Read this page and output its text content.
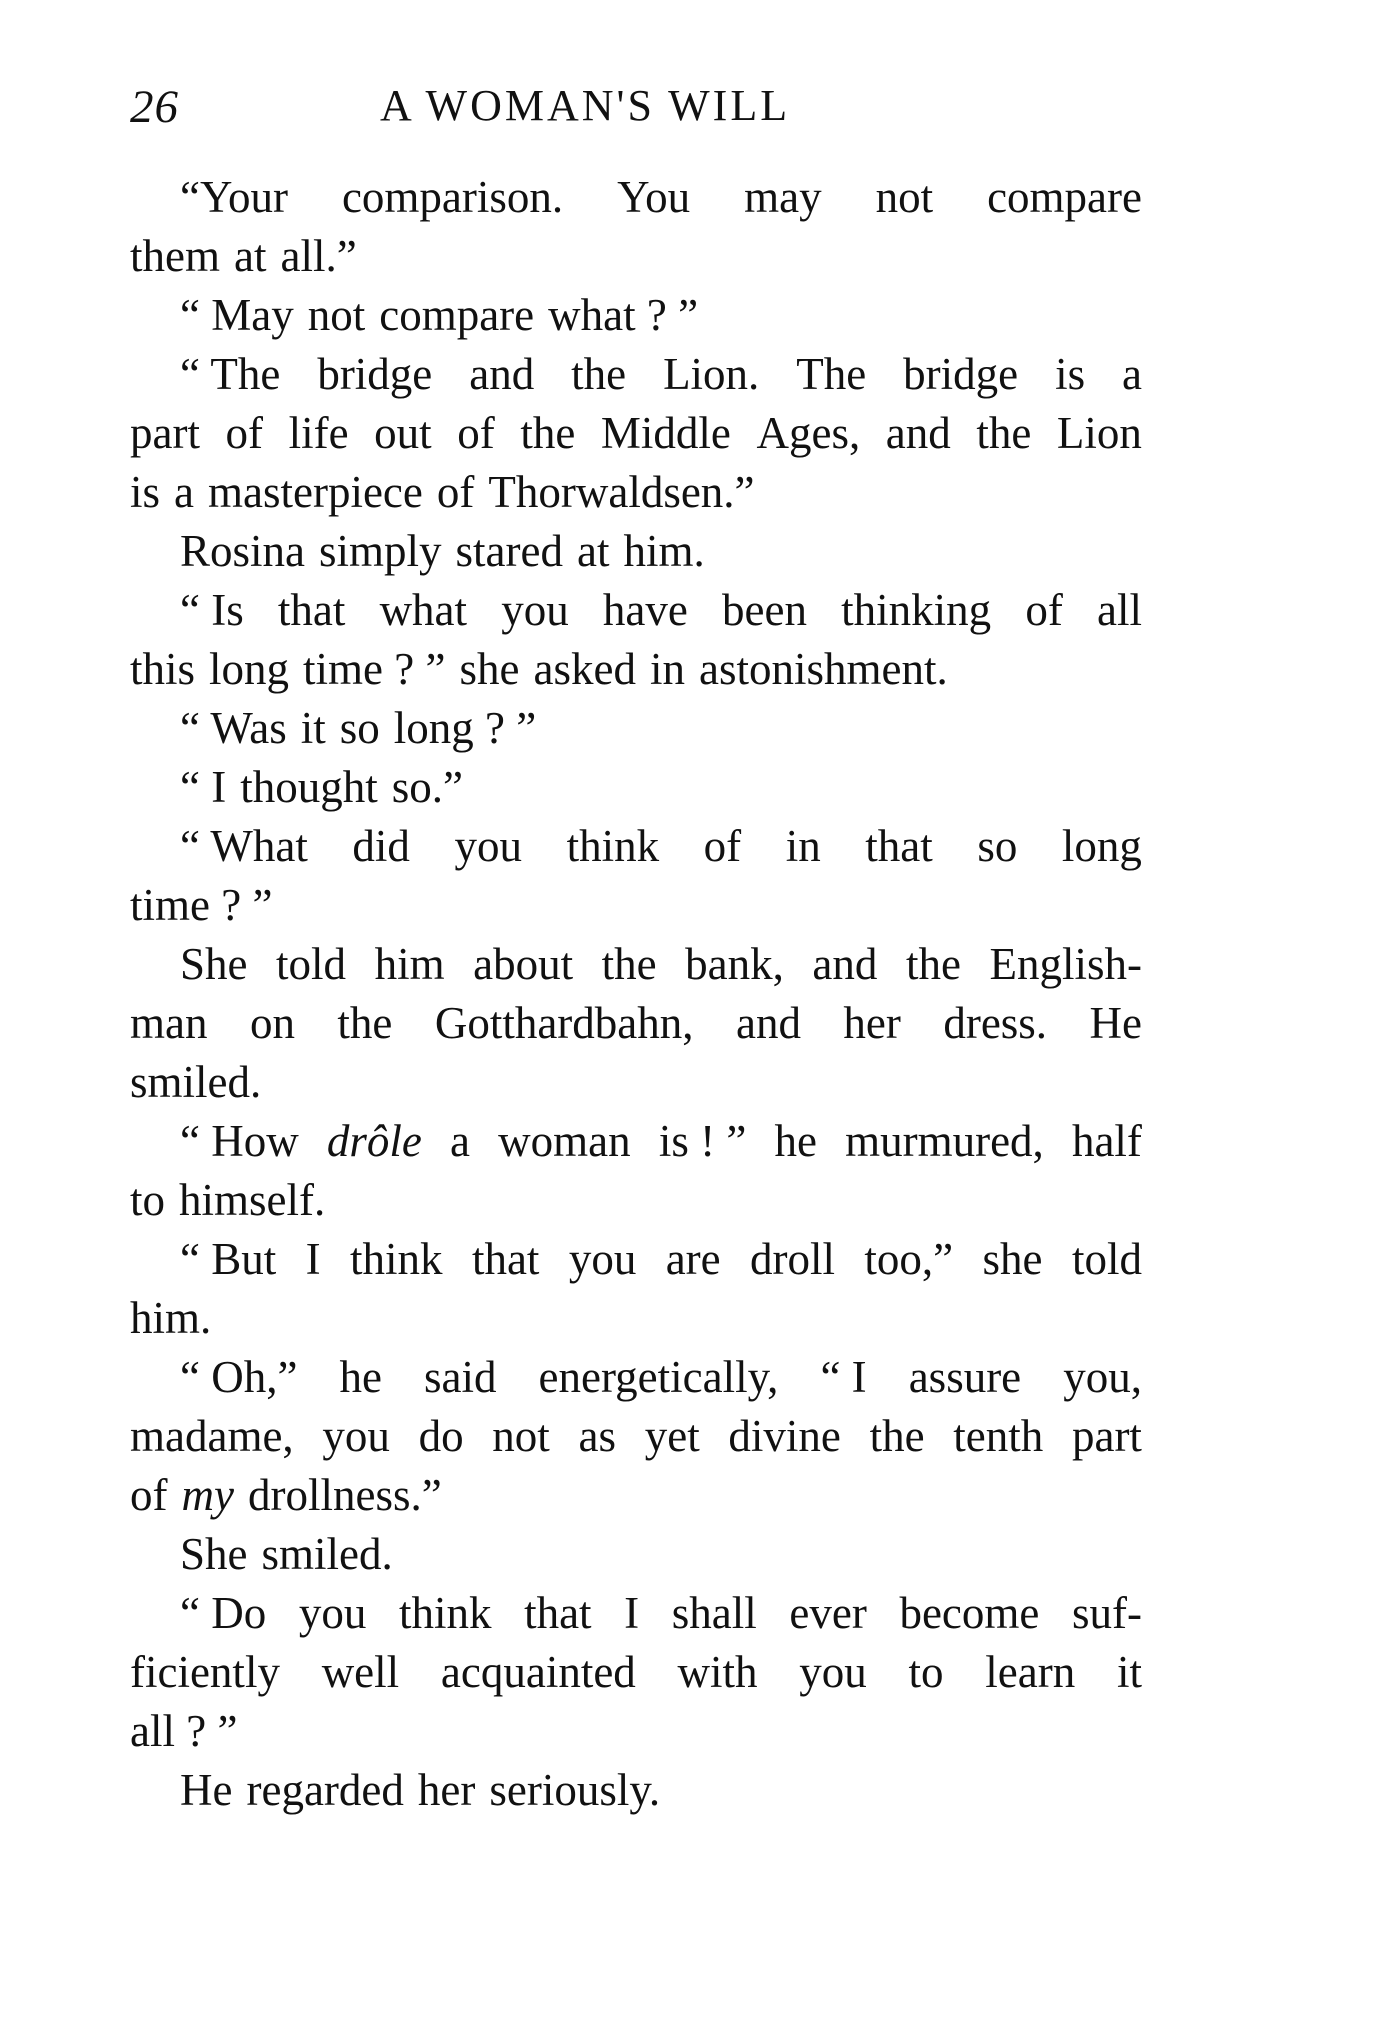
26	A WOMAN'S WILL
“Your comparison. You may not compare
them at all.”
“ May not compare what ? ”
“ The bridge and the Lion. The bridge is a
part of life out of the Middle Ages, and the Lion
is a masterpiece of Thorwaldsen.”
Rosina simply stared at him.
“ Is that what you have been thinking of all
this long time ? ” she asked in astonishment.
“ Was it so long ? ”
“ I thought so.”
“ What did you think of in that so long
time ? ”
She told him about the bank, and the English-
man on the Gotthardbahn, and her dress. He
smiled.
“ How drôle a woman is ! ” he murmured, half
to himself.
“ But I think that you are droll too,” she told
him.
“ Oh,” he said energetically, “ I assure you,
madame, you do not as yet divine the tenth part
of my drollness.”
She smiled.
“ Do you think that I shall ever become suf-
ficiently well acquainted with you to learn it
all ? ”
He regarded her seriously.
